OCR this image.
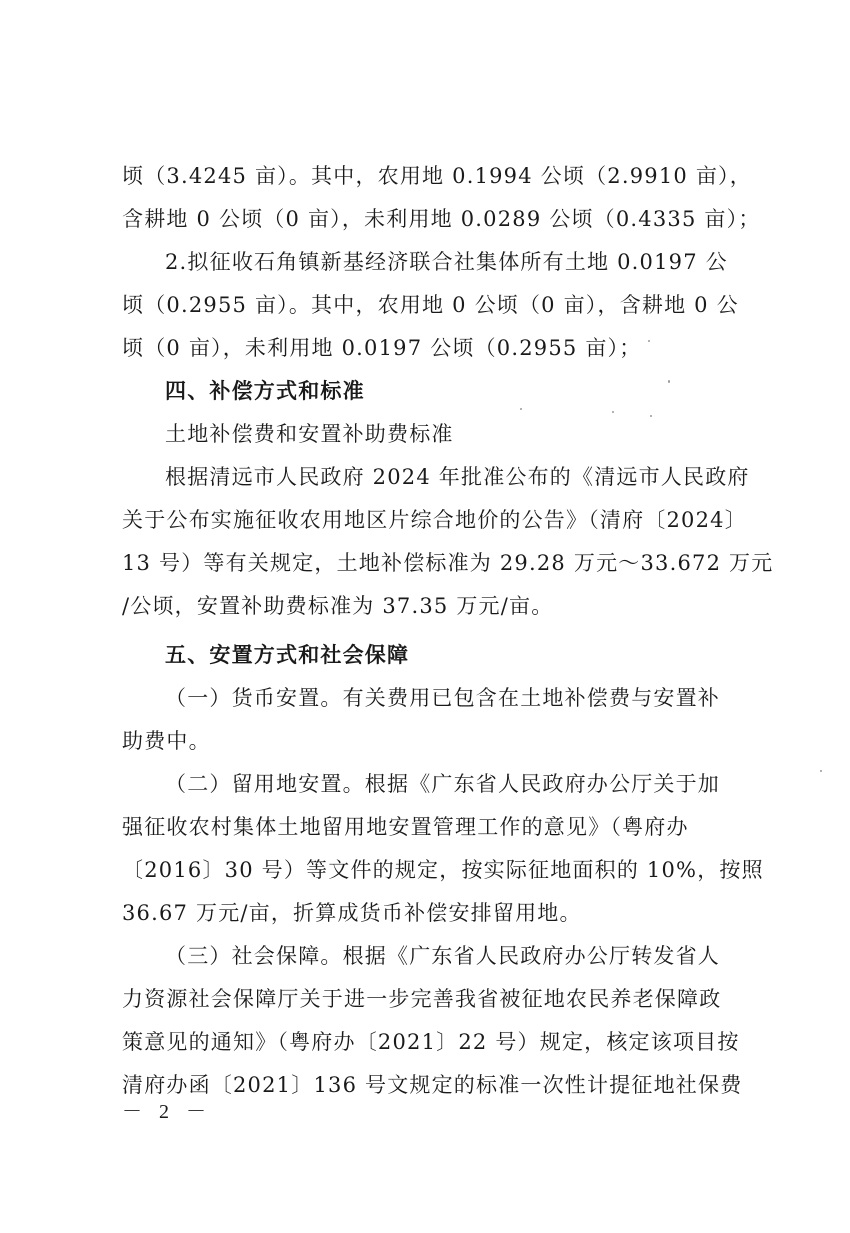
顷（3.4245 亩）。其中，农用地 0.1994 公顷（2.9910 亩），
含耕地 0 公顷（0 亩），未利用地 0.0289 公顷（0.4335 亩）；
2.拟征收石角镇新基经济联合社集体所有土地 0.0197 公
顷（0.2955 亩）。其中，农用地 0 公顷（0 亩），含耕地 0 公
顷（0 亩），未利用地 0.0197 公顷（0.2955 亩）；
四、补偿方式和标准
土地补偿费和安置补助费标准
根据清远市人民政府 2024 年批准公布的《清远市人民政府
关于公布实施征收农用地区片综合地价的公告》（清府〔2024〕
13 号）等有关规定，土地补偿标准为 29.28 万元～33.672 万元
/公顷，安置补助费标准为 37.35 万元/亩。
五、安置方式和社会保障
（一）货币安置。有关费用已包含在土地补偿费与安置补
助费中。
（二）留用地安置。根据《广东省人民政府办公厅关于加
强征收农村集体土地留用地安置管理工作的意见》（粤府办
〔2016〕30 号）等文件的规定，按实际征地面积的 10%，按照
36.67 万元/亩，折算成货币补偿安排留用地。
（三）社会保障。根据《广东省人民政府办公厅转发省人
力资源社会保障厅关于进一步完善我省被征地农民养老保障政
策意见的通知》（粤府办〔2021〕22 号）规定，核定该项目按
清府办函〔2021〕136 号文规定的标准一次性计提征地社保费
－ 2 －
